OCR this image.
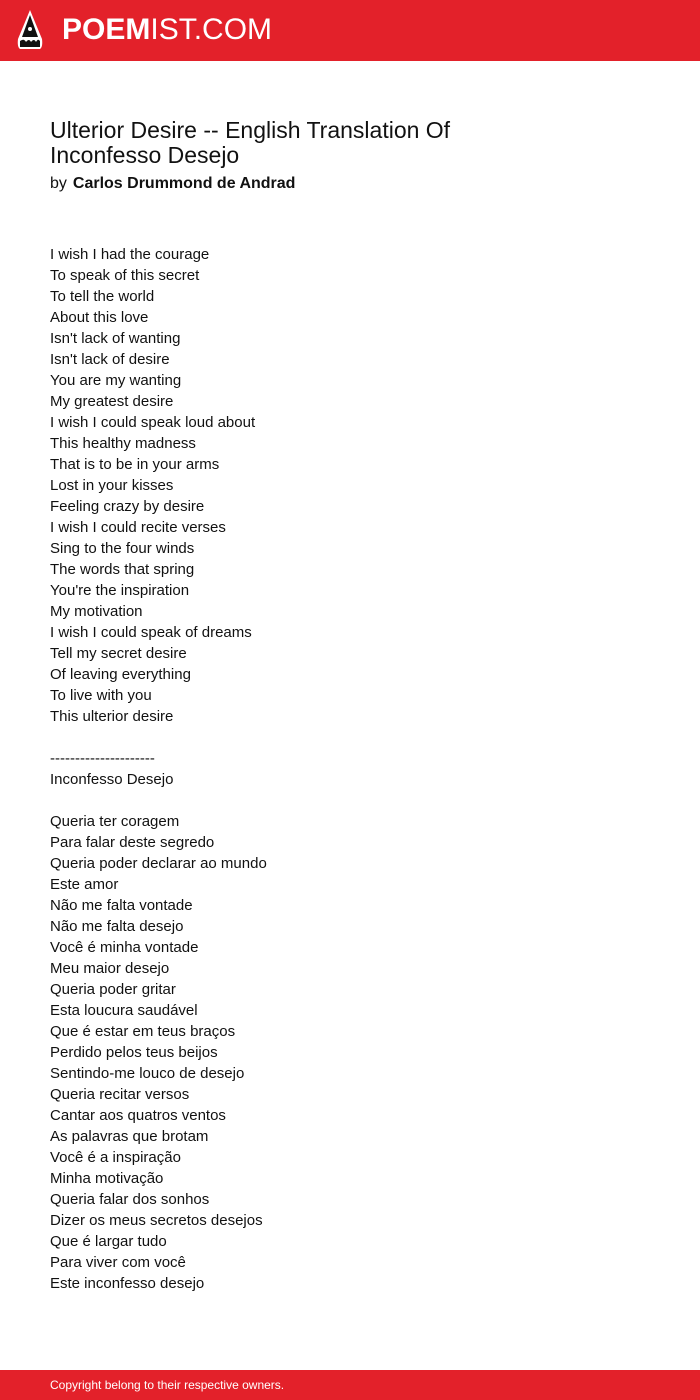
POEMIST.COM
Ulterior Desire -- English Translation Of Inconfesso Desejo
by Carlos Drummond de Andrad
I wish I had the courage
To speak of this secret
To tell the world
About this love
Isn't lack of wanting
Isn't lack of desire
You are my wanting
My greatest desire
I wish I could speak loud about
This healthy madness
That is to be in your arms
Lost in your kisses
Feeling crazy by desire
I wish I could recite verses
Sing to the four winds
The words that spring
You're the inspiration
My motivation
I wish I could speak of dreams
Tell my secret desire
Of leaving everything
To live with you
This ulterior desire
---------------------
Inconfesso Desejo
Queria ter coragem
Para falar deste segredo
Queria poder declarar ao mundo
Este amor
Não me falta vontade
Não me falta desejo
Você é minha vontade
Meu maior desejo
Queria poder gritar
Esta loucura saudável
Que é estar em teus braços
Perdido pelos teus beijos
Sentindo-me louco de desejo
Queria recitar versos
Cantar aos quatros ventos
As palavras que brotam
Você é a inspiração
Minha motivação
Queria falar dos sonhos
Dizer os meus secretos desejos
Que é largar tudo
Para viver com você
Este inconfesso desejo
Copyright belong to their respective owners.
